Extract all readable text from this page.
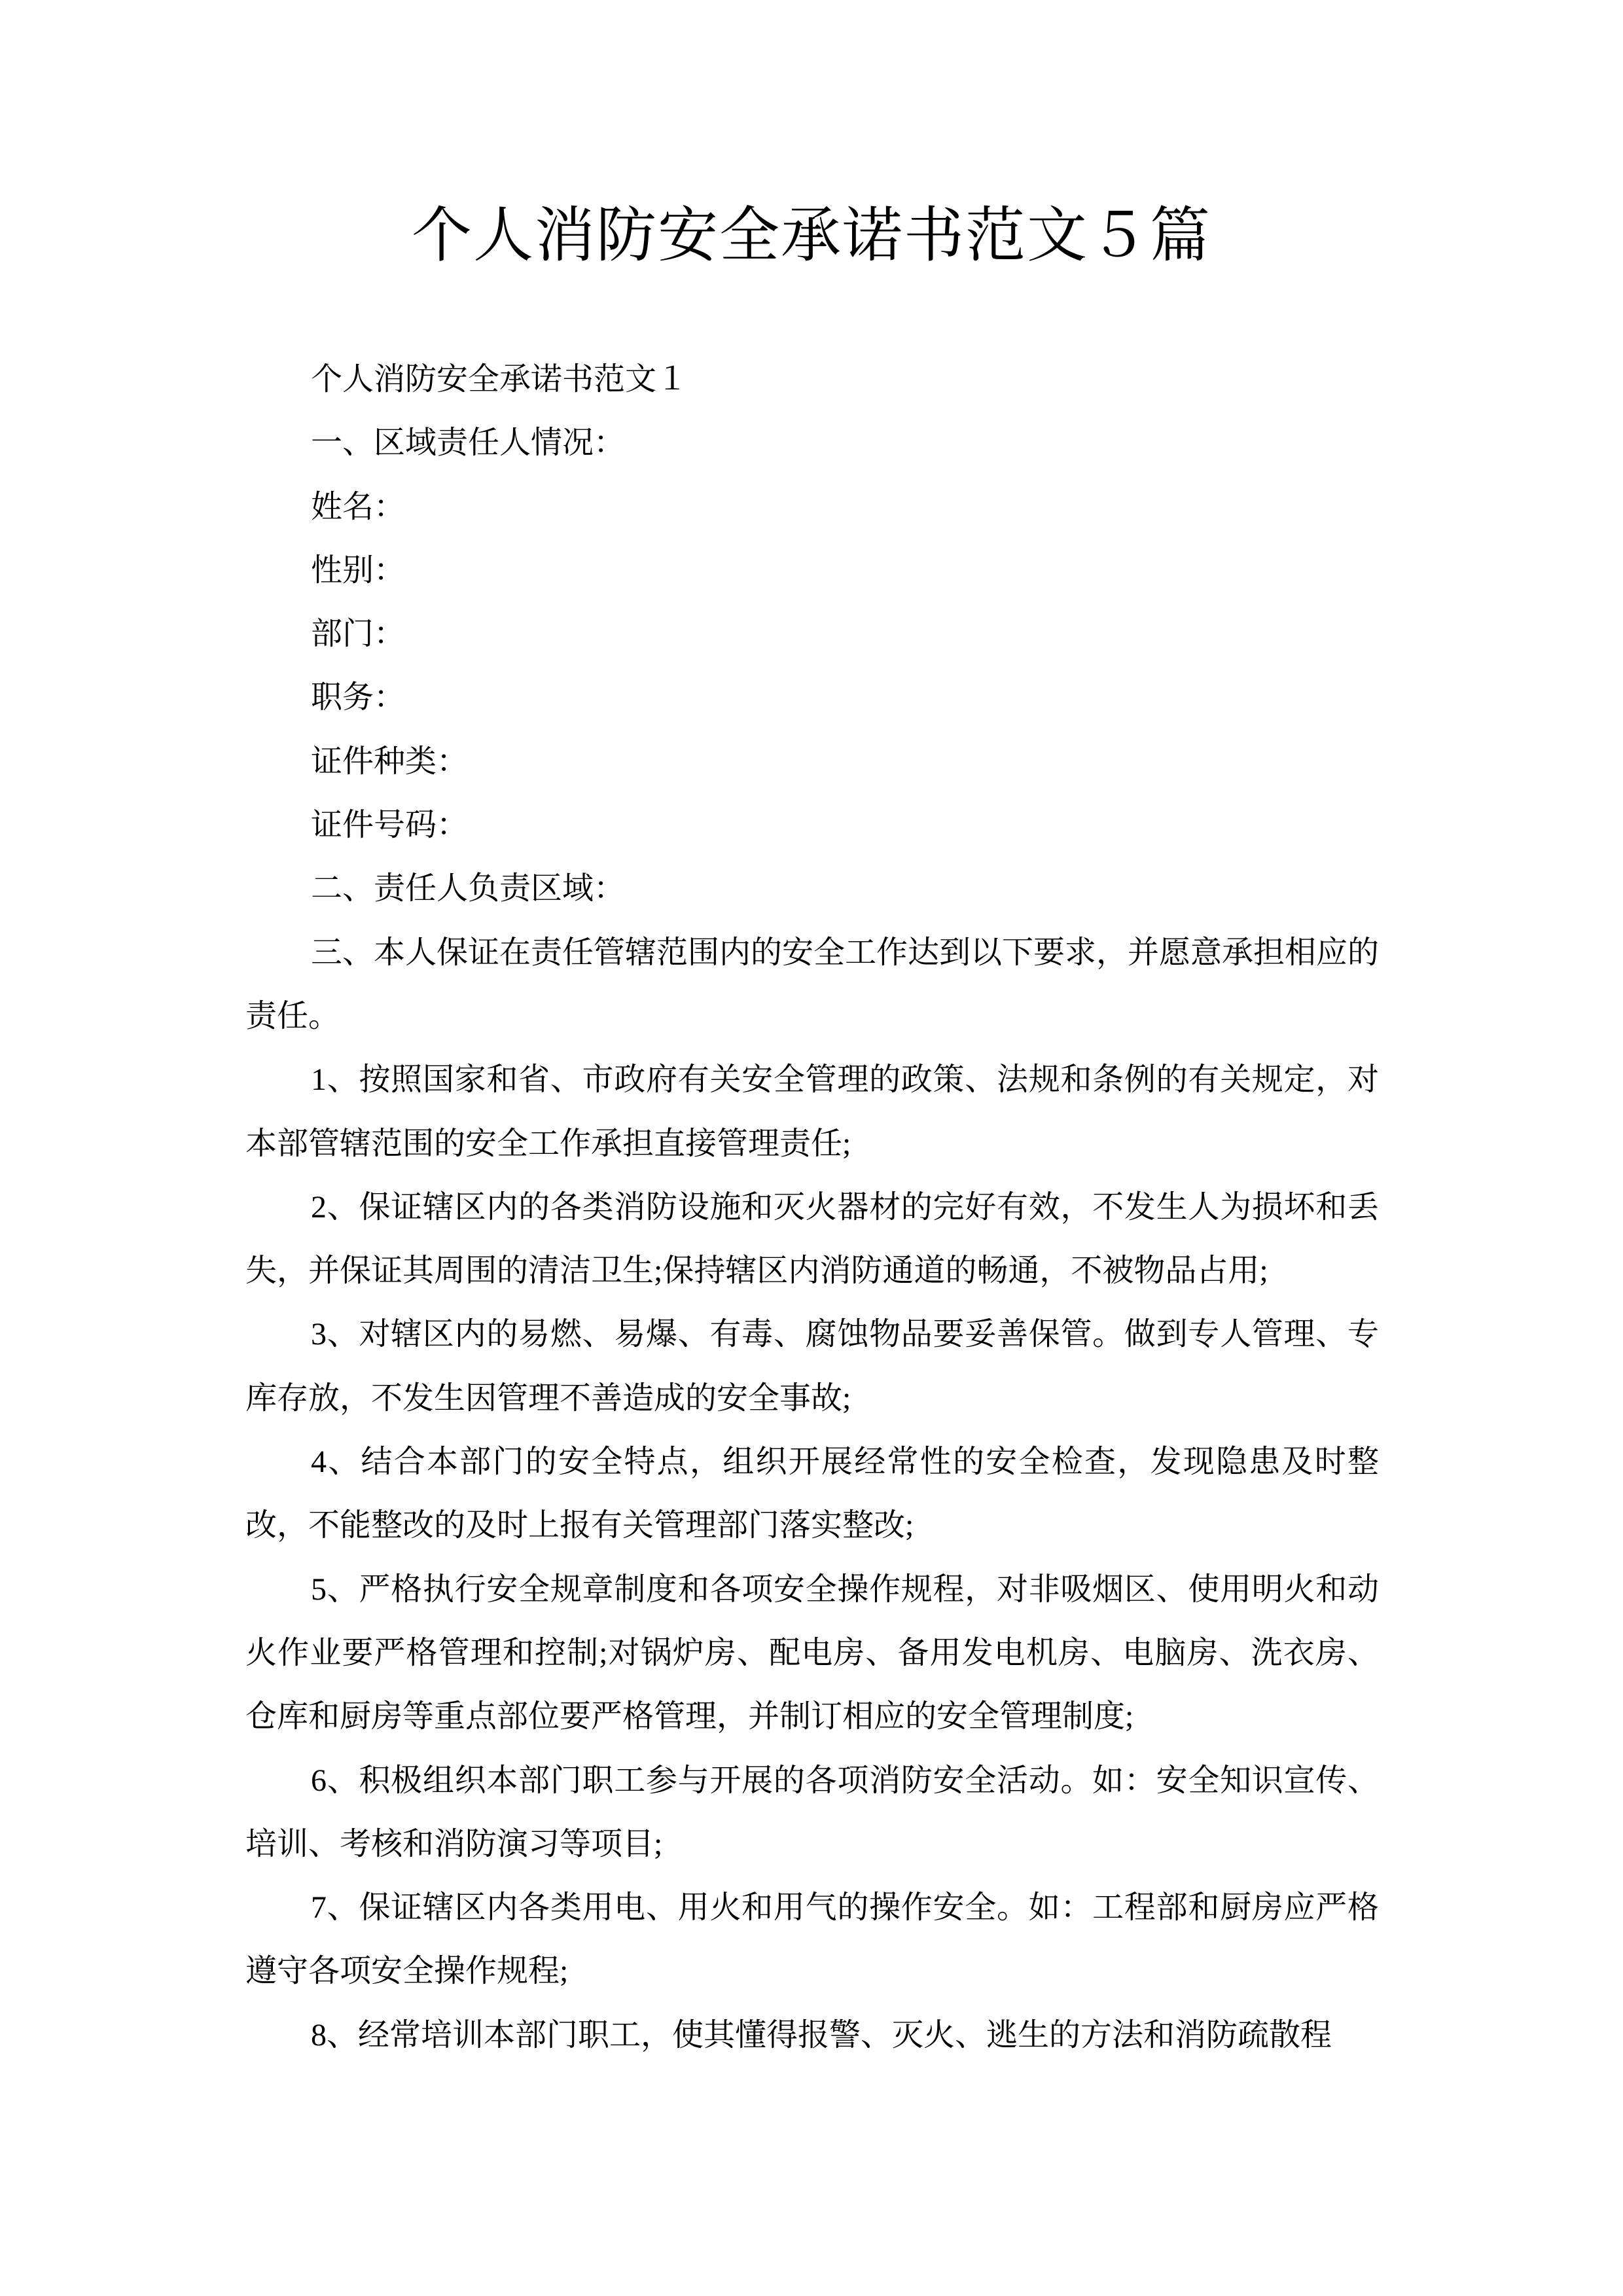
个人消防安全承诺书范文５篇

个人消防安全承诺书范文１

一、区域责任人情况：

姓名：

性别：

部门：

职务：

证件种类：

证件号码：

二、责任人负责区域：

三、本人保证在责任管辖范围内的安全工作达到以下要求，并愿意承担相应的责任。

1、按照国家和省、市政府有关安全管理的政策、法规和条例的有关规定，对本部管辖范围的安全工作承担直接管理责任;

2、保证辖区内的各类消防设施和灭火器材的完好有效，不发生人为损坏和丢失，并保证其周围的清洁卫生;保持辖区内消防通道的畅通，不被物品占用;

3、对辖区内的易燃、易爆、有毒、腐蚀物品要妥善保管。做到专人管理、专库存放，不发生因管理不善造成的安全事故;

4、结合本部门的安全特点，组织开展经常性的安全检查，发现隐患及时整改，不能整改的及时上报有关管理部门落实整改;

5、严格执行安全规章制度和各项安全操作规程，对非吸烟区、使用明火和动火作业要严格管理和控制;对锅炉房、配电房、备用发电机房、电脑房、洗衣房、仓库和厨房等重点部位要严格管理，并制订相应的安全管理制度;

6、积极组织本部门职工参与开展的各项消防安全活动。如：安全知识宣传、培训、考核和消防演习等项目;

7、保证辖区内各类用电、用火和用气的操作安全。如：工程部和厨房应严格遵守各项安全操作规程;

8、经常培训本部门职工，使其懂得报警、灭火、逃生的方法和消防疏散程
